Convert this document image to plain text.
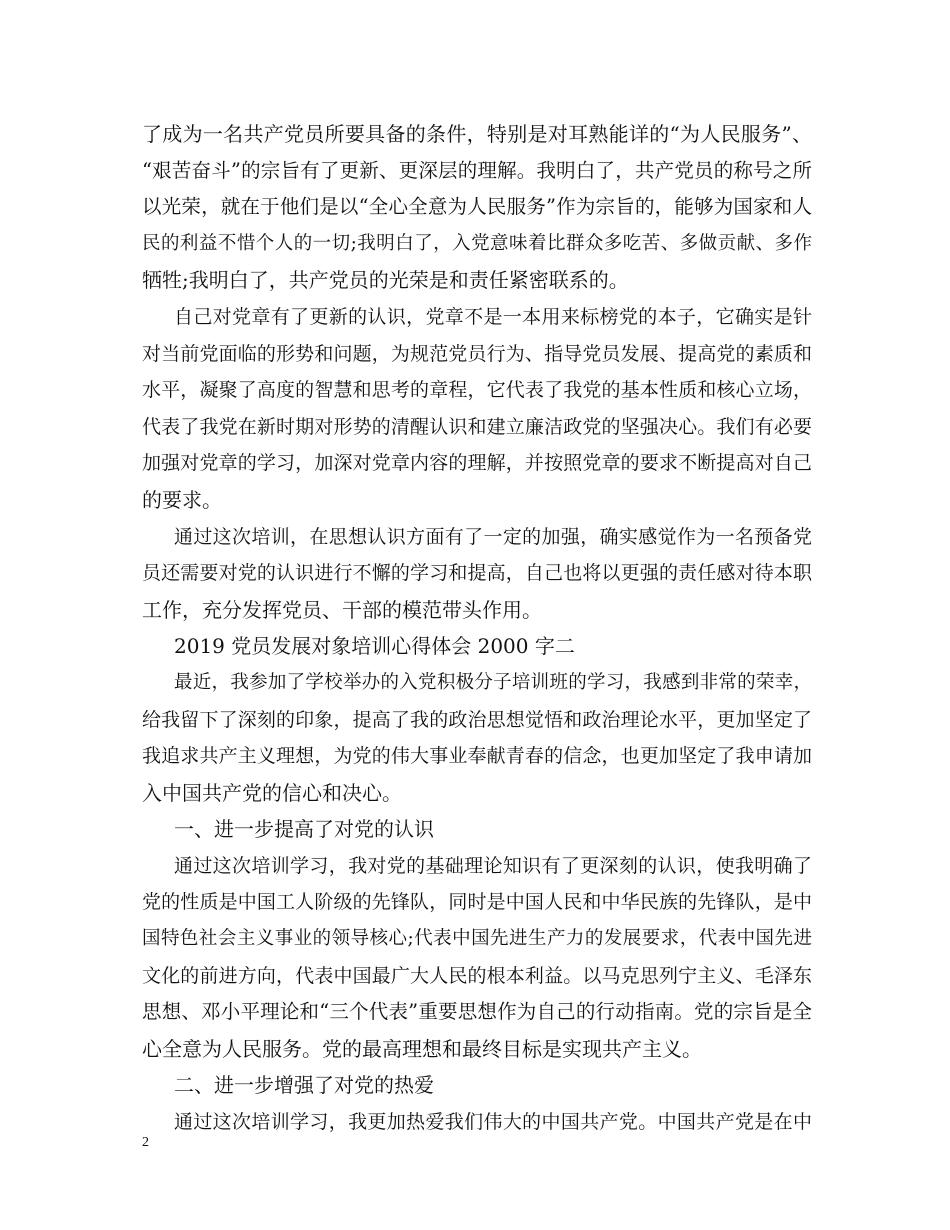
了成为一名共产党员所要具备的条件，特别是对耳熟能详的“为人民服务”、
“艰苦奋斗”的宗旨有了更新、更深层的理解。我明白了，共产党员的称号之所
以光荣，就在于他们是以“全心全意为人民服务”作为宗旨的，能够为国家和人
民的利益不惜个人的一切;我明白了，入党意味着比群众多吃苦、多做贡献、多作
牺牲;我明白了，共产党员的光荣是和责任紧密联系的。
自己对党章有了更新的认识，党章不是一本用来标榜党的本子，它确实是针
对当前党面临的形势和问题，为规范党员行为、指导党员发展、提高党的素质和
水平，凝聚了高度的智慧和思考的章程，它代表了我党的基本性质和核心立场，
代表了我党在新时期对形势的清醒认识和建立廉洁政党的坚强决心。我们有必要
加强对党章的学习，加深对党章内容的理解，并按照党章的要求不断提高对自己
的要求。
通过这次培训，在思想认识方面有了一定的加强，确实感觉作为一名预备党
员还需要对党的认识进行不懈的学习和提高，自己也将以更强的责任感对待本职
工作，充分发挥党员、干部的模范带头作用。
2019 党员发展对象培训心得体会 2000 字二
最近，我参加了学校举办的入党积极分子培训班的学习，我感到非常的荣幸，
给我留下了深刻的印象，提高了我的政治思想觉悟和政治理论水平，更加坚定了
我追求共产主义理想，为党的伟大事业奉献青春的信念，也更加坚定了我申请加
入中国共产党的信心和决心。
一、进一步提高了对党的认识
通过这次培训学习，我对党的基础理论知识有了更深刻的认识，使我明确了
党的性质是中国工人阶级的先锋队，同时是中国人民和中华民族的先锋队，是中
国特色社会主义事业的领导核心;代表中国先进生产力的发展要求，代表中国先进
文化的前进方向，代表中国最广大人民的根本利益。以马克思列宁主义、毛泽东
思想、邓小平理论和“三个代表”重要思想作为自己的行动指南。党的宗旨是全
心全意为人民服务。党的最高理想和最终目标是实现共产主义。
二、进一步增强了对党的热爱
通过这次培训学习，我更加热爱我们伟大的中国共产党。中国共产党是在中
2
